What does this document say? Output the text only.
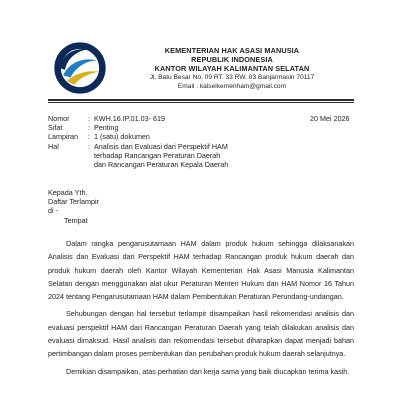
KEMENTERIAN HAK ASASI MANUSIA
REPUBLIK INDONESIA
KANTOR WILAYAH KALIMANTAN SELATAN
Jl. Batu Besar No. 09 RT. 33 RW. 03 Banjarmasin 70117
Email : kalselkemenham@gmail.com
Nomor	: KWH.16.IP.01.03- 619
Sifat	: Penting
Lampiran	: 1 (satu) dokumen
Hal	: Analisis dan Evaluasi dari Perspektif HAM
terhadap Rancangan Peraturan Daerah
dan Rancangan Peraturan Kepala Daerah
20 Mei 2026
Kepada Yth.
Daftar Terlampir
di -
Tempat

Dalam rangka pengarusutamaan HAM dalam produk hukum sehingga dilaksanakan Analisis dan Evaluasi dari Perspektif HAM terhadap Rancangan produk hukum daerah dan produk hukum daerah oleh Kantor Wilayah Kementerian Hak Asasi Manusia Kalimantan Selatan dengan menggunakan alat ukur Peraturan Menteri Hukum dan HAM Nomor 16 Tahun 2024 tentang Pengarusutamaan HAM dalam Pembentukan Peraturan Perundang-undangan.

Sehubungan dengan hal tersebut terlampir disampaikan hasil rekomendasi analisis dan evaluasi perspektif HAM dari Rancangan Peraturan Daerah yang telah dilakukan analisis dan evaluasi dimaksud. Hasil analisis dan rekomendasi tersebut diharapkan dapat menjadi bahan pertimbangan dalam proses pembentukan dan perubahan produk hukum daerah selanjutnya.

Demikian disampaikan, atas perhatian dan kerja sama yang baik diucapkan terima kasih.
